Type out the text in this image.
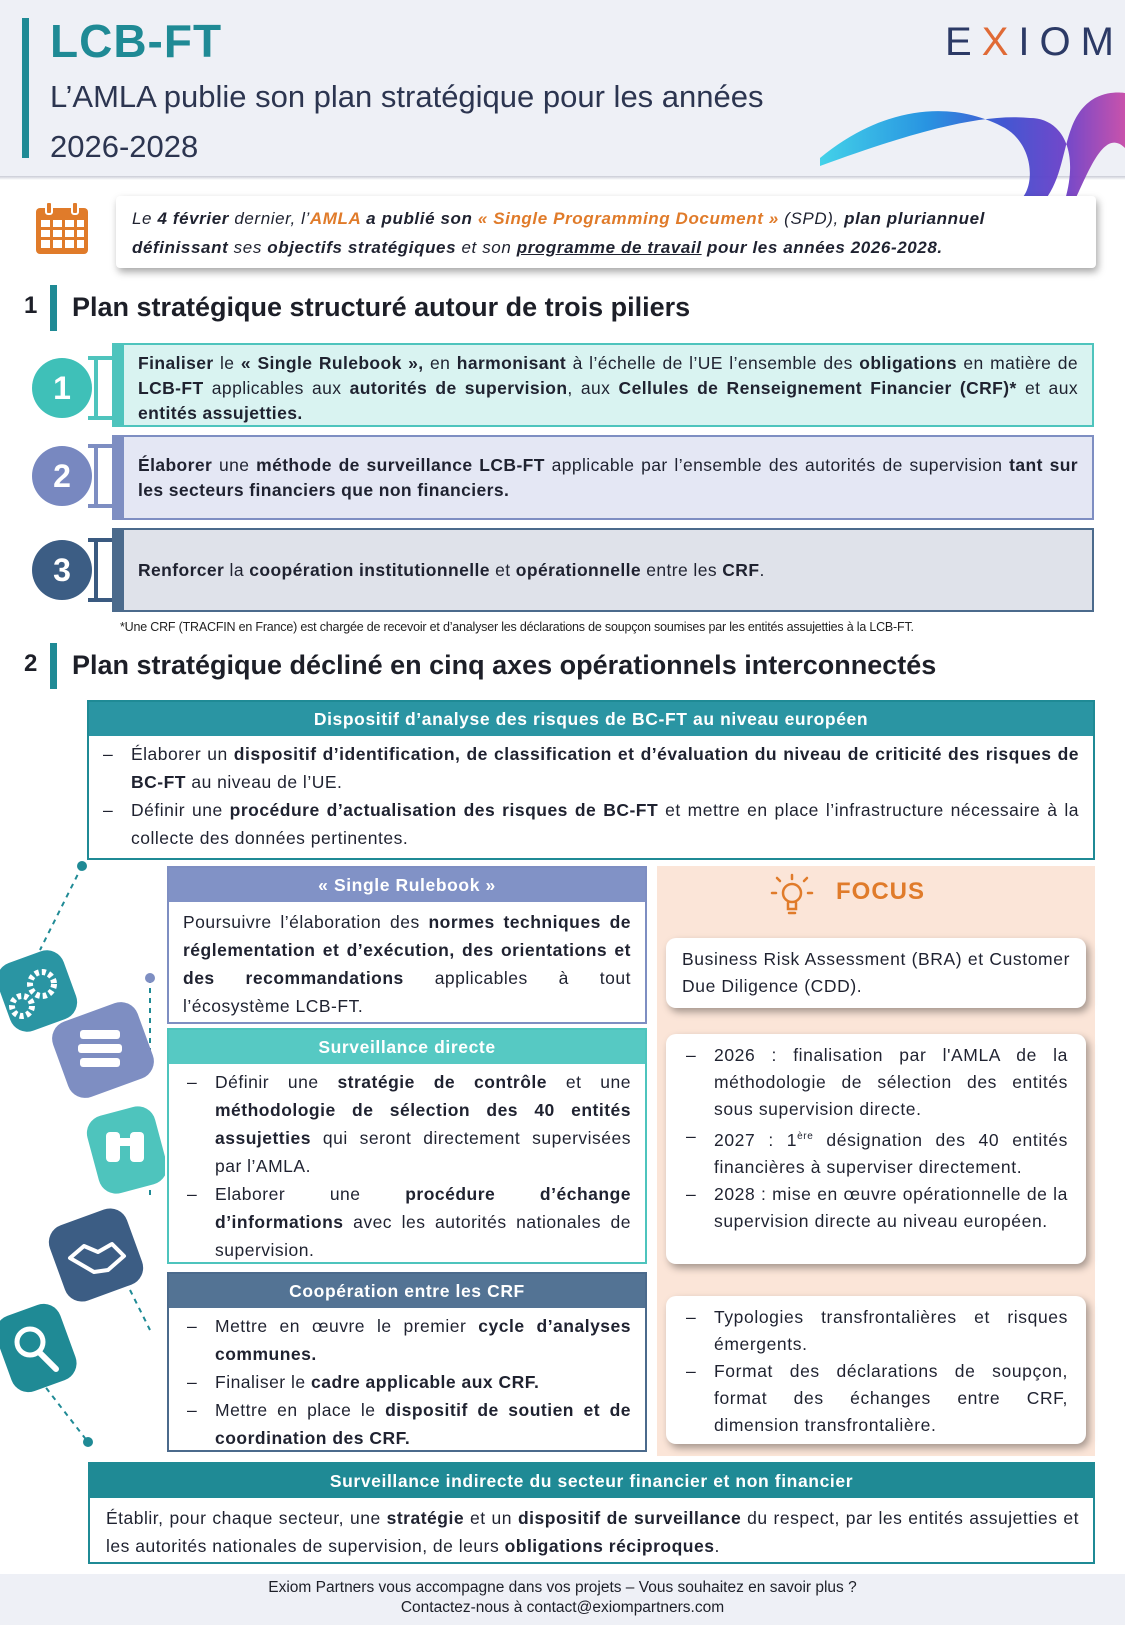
LCB-FT
L’AMLA publie son plan stratégique pour les années 2026-2028
EXIOM
Le 4 février dernier, l’AMLA a publié son « Single Programming Document » (SPD), plan pluriannuel définissant ses objectifs stratégiques et son programme de travail pour les années 2026-2028.
1 Plan stratégique structuré autour de trois piliers
1
Finaliser le « Single Rulebook », en harmonisant à l’échelle de l’UE l’ensemble des obligations en matière de LCB-FT applicables aux autorités de supervision, aux Cellules de Renseignement Financier (CRF)* et aux entités assujetties.
2	Élaborer une méthode de surveillance LCB-FT applicable par l’ensemble des autorités de supervision tant sur les secteurs financiers que non financiers.
3	Renforcer la coopération institutionnelle et opérationnelle entre les CRF.
*Une CRF (TRACFIN en France) est chargée de recevoir et d’analyser les déclarations de soupçon soumises par les entités assujetties à la LCB-FT.
2 Plan stratégique décliné en cinq axes opérationnels interconnectés
Dispositif d’analyse des risques de BC-FT au niveau européen
– Élaborer un dispositif d’identification, de classification et d’évaluation du niveau de criticité des risques de BC-FT au niveau de l’UE.
– Définir une procédure d’actualisation des risques de BC-FT et mettre en place l’infrastructure nécessaire à la collecte des données pertinentes.
« Single Rulebook »
Poursuivre l’élaboration des normes techniques de réglementation et d’exécution, des orientations et des recommandations applicables à tout l’écosystème LCB-FT.
Surveillance directe
– Définir une stratégie de contrôle et une méthodologie de sélection des 40 entités assujetties qui seront directement supervisées par l’AMLA.
– Elaborer une procédure d’échange d’informations avec les autorités nationales de supervision.
Coopération entre les CRF
– Mettre en œuvre le premier cycle d’analyses communes.
– Finaliser le cadre applicable aux CRF.
– Mettre en place le dispositif de soutien et de coordination des CRF.
FOCUS
Business Risk Assessment (BRA) et Customer Due Diligence (CDD).
– 2026 : finalisation par l'AMLA de la méthodologie de sélection des entités sous supervision directe.
– 2027 : 1ère désignation des 40 entités financières à superviser directement.
– 2028 : mise en œuvre opérationnelle de la supervision directe au niveau européen.
– Typologies transfrontalières et risques émergents.
– Format des déclarations de soupçon, format des échanges entre CRF, dimension transfrontalière.
Surveillance indirecte du secteur financier et non financier
Établir, pour chaque secteur, une stratégie et un dispositif de surveillance du respect, par les entités assujetties et les autorités nationales de supervision, de leurs obligations réciproques.
Exiom Partners vous accompagne dans vos projets – Vous souhaitez en savoir plus ?
Contactez-nous à contact@exiompartners.com
